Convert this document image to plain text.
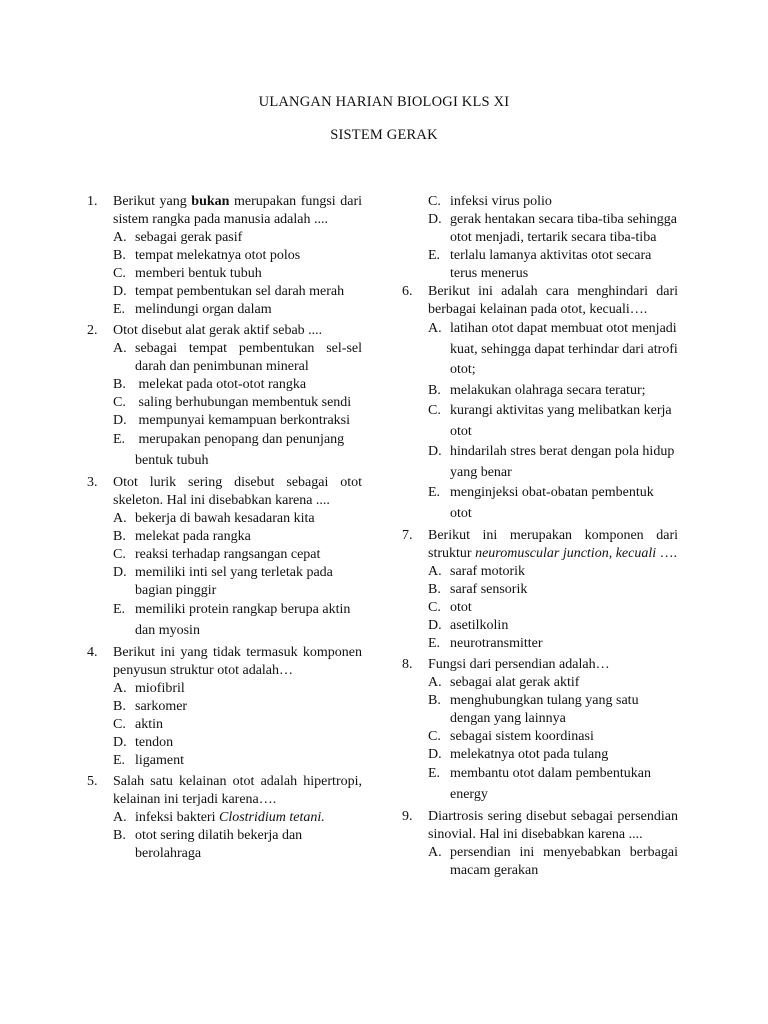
ULANGAN HARIAN BIOLOGI KLS XI
SISTEM GERAK
1.	Berikut yang bukan merupakan fungsi dari sistem rangka pada manusia adalah ....
A. sebagai gerak pasif
B. tempat melekatnya otot polos
C. memberi bentuk tubuh
D. tempat pembentukan sel darah merah
E. melindungi organ dalam
2.	Otot disebut alat gerak aktif sebab ....
A. sebagai tempat pembentukan sel-sel darah dan penimbunan mineral
B. melekat pada otot-otot rangka
C. saling berhubungan membentuk sendi
D. mempunyai kemampuan berkontraksi
E. merupakan penopang dan penunjang bentuk tubuh
3.	Otot lurik sering disebut sebagai otot skeleton. Hal ini disebabkan karena ....
A. bekerja di bawah kesadaran kita
B. melekat pada rangka
C. reaksi terhadap rangsangan cepat
D. memiliki inti sel yang terletak pada bagian pinggir
E. memiliki protein rangkap berupa aktin dan myosin
4.	Berikut ini yang tidak termasuk komponen penyusun struktur otot adalah…
A. miofibril
B. sarkomer
C. aktin
D. tendon
E. ligament
5.	Salah satu kelainan otot adalah hipertropi, kelainan ini terjadi karena….
A. infeksi bakteri Clostridium tetani.
B. otot sering dilatih bekerja dan berolahraga
C. infeksi virus polio
D. gerak hentakan secara tiba-tiba sehingga otot menjadi, tertarik secara tiba-tiba
E. terlalu lamanya aktivitas otot secara terus menerus
6.	Berikut ini adalah cara menghindari dari berbagai kelainan pada otot, kecuali….
A. latihan otot dapat membuat otot menjadi kuat, sehingga dapat terhindar dari atrofi otot;
B. melakukan olahraga secara teratur;
C. kurangi aktivitas yang melibatkan kerja otot
D. hindarilah stres berat dengan pola hidup yang benar
E. menginjeksi obat-obatan pembentuk otot
7.	Berikut ini merupakan komponen dari struktur neuromuscular junction, kecuali ….
A. saraf motorik
B. saraf sensorik
C. otot
D. asetilkolin
E. neurotransmitter
8.	Fungsi dari persendian adalah…
A. sebagai alat gerak aktif
B. menghubungkan tulang yang satu dengan yang lainnya
C. sebagai sistem koordinasi
D. melekatnya otot pada tulang
E. membantu otot dalam pembentukan energy
9.	Diartrosis sering disebut sebagai persendian sinovial. Hal ini disebabkan karena ....
A. persendian ini menyebabkan berbagai macam gerakan
